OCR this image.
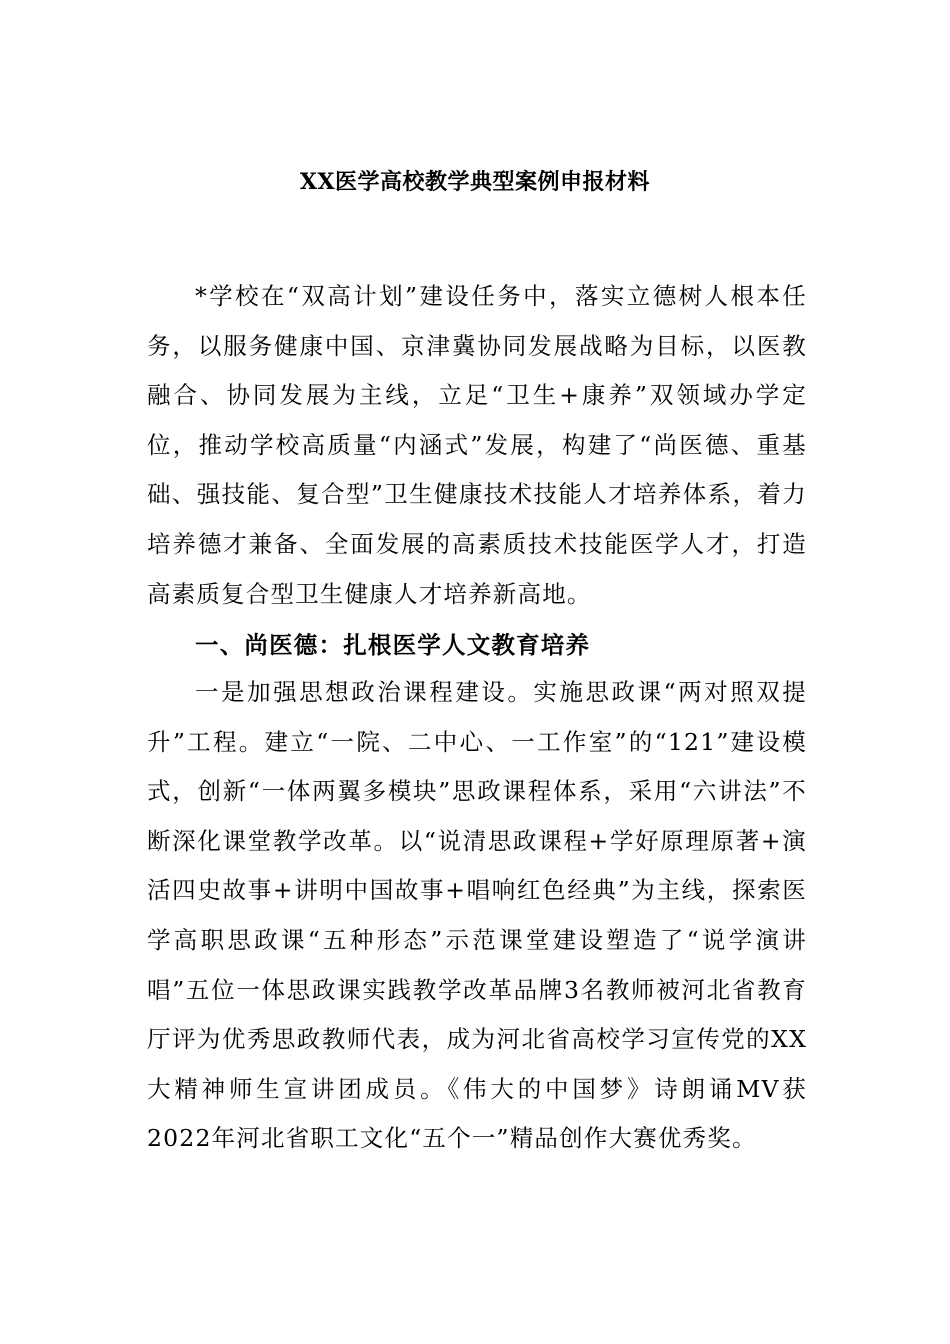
XX医学高校教学典型案例申报材料

*学校在“双高计划”建设任务中，落实立德树人根本任务，以服务健康中国、京津冀协同发展战略为目标，以医教融合、协同发展为主线，立足“卫生+康养”双领域办学定位，推动学校高质量“内涵式”发展，构建了“尚医德、重基础、强技能、复合型”卫生健康技术技能人才培养体系，着力培养德才兼备、全面发展的高素质技术技能医学人才，打造高素质复合型卫生健康人才培养新高地。

一、尚医德：扎根医学人文教育培养

一是加强思想政治课程建设。实施思政课“两对照双提升”工程。建立“一院、二中心、一工作室”的“121”建设模式，创新“一体两翼多模块”思政课程体系，采用“六讲法”不断深化课堂教学改革。以“说清思政课程+学好原理原著+演活四史故事+讲明中国故事+唱响红色经典”为主线，探索医学高职思政课“五种形态”示范课堂建设塑造了“说学演讲唱”五位一体思政课实践教学改革品牌3名教师被河北省教育厅评为优秀思政教师代表，成为河北省高校学习宣传党的XX大精神师生宣讲团成员。《伟大的中国梦》诗朗诵MV获2022年河北省职工文化“五个一”精品创作大赛优秀奖。
